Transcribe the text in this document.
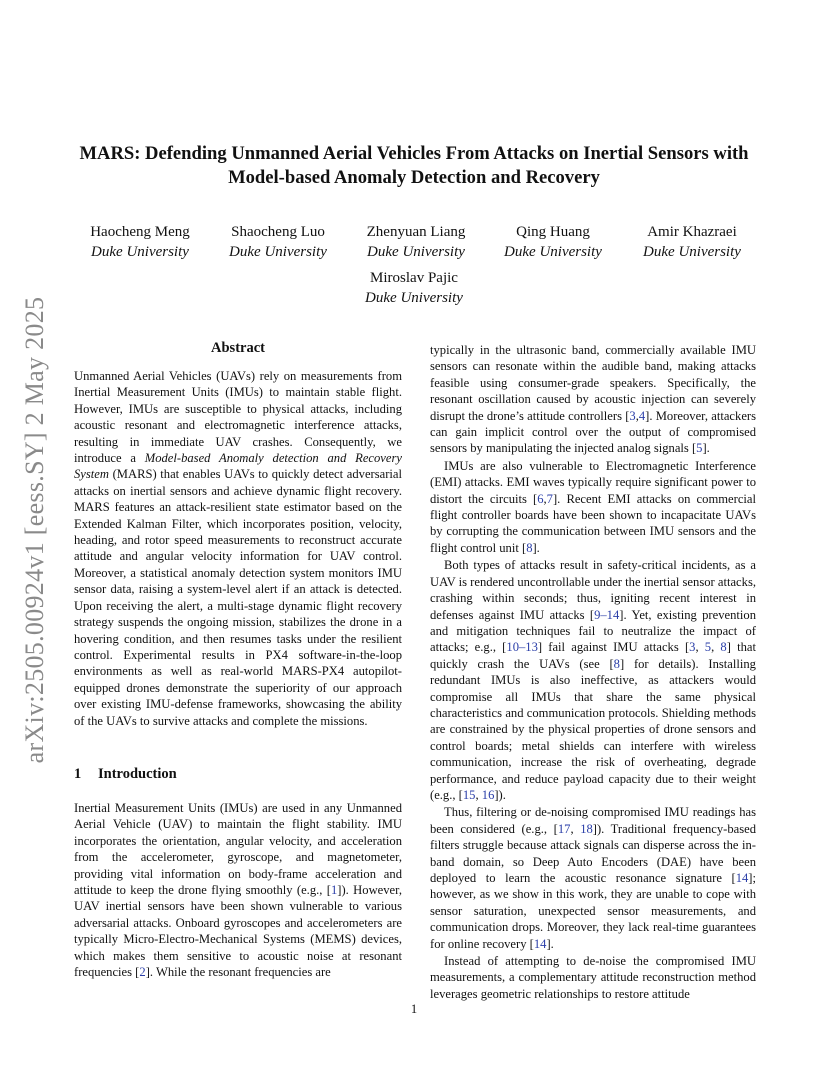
arXiv:2505.00924v1 [eess.SY] 2 May 2025
MARS: Defending Unmanned Aerial Vehicles From Attacks on Inertial Sensors with Model-based Anomaly Detection and Recovery
Haocheng Meng
Duke University
Shaocheng Luo
Duke University
Zhenyuan Liang
Duke University
Qing Huang
Duke University
Amir Khazraei
Duke University
Miroslav Pajic
Duke University
Abstract

Unmanned Aerial Vehicles (UAVs) rely on measurements from Inertial Measurement Units (IMUs) to maintain stable flight. However, IMUs are susceptible to physical attacks, including acoustic resonant and electromagnetic interference attacks, resulting in immediate UAV crashes. Consequently, we introduce a Model-based Anomaly detection and Recovery System (MARS) that enables UAVs to quickly detect adversarial attacks on inertial sensors and achieve dynamic flight recovery. MARS features an attack-resilient state estimator based on the Extended Kalman Filter, which incorporates position, velocity, heading, and rotor speed measurements to reconstruct accurate attitude and angular velocity information for UAV control. Moreover, a statistical anomaly detection system monitors IMU sensor data, raising a system-level alert if an attack is detected. Upon receiving the alert, a multi-stage dynamic flight recovery strategy suspends the ongoing mission, stabilizes the drone in a hovering condition, and then resumes tasks under the resilient control. Experimental results in PX4 software-in-the-loop environments as well as real-world MARS-PX4 autopilot-equipped drones demonstrate the superiority of our approach over existing IMU-defense frameworks, showcasing the ability of the UAVs to survive attacks and complete the missions.

1 Introduction

Inertial Measurement Units (IMUs) are used in any Unmanned Aerial Vehicle (UAV) to maintain the flight stability. IMU incorporates the orientation, angular velocity, and acceleration from the accelerometer, gyroscope, and magnetometer, providing vital information on body-frame acceleration and attitude to keep the drone flying smoothly (e.g., [1]). However, UAV inertial sensors have been shown vulnerable to various adversarial attacks. Onboard gyroscopes and accelerometers are typically Micro-Electro-Mechanical Systems (MEMS) devices, which makes them sensitive to acoustic noise at resonant frequencies [2]. While the resonant frequencies are

typically in the ultrasonic band, commercially available IMU sensors can resonate within the audible band, making attacks feasible using consumer-grade speakers. Specifically, the resonant oscillation caused by acoustic injection can severely disrupt the drone’s attitude controllers [3,4]. Moreover, attackers can gain implicit control over the output of compromised sensors by manipulating the injected analog signals [5].

IMUs are also vulnerable to Electromagnetic Interference (EMI) attacks. EMI waves typically require significant power to distort the circuits [6,7]. Recent EMI attacks on commercial flight controller boards have been shown to incapacitate UAVs by corrupting the communication between IMU sensors and the flight control unit [8].

Both types of attacks result in safety-critical incidents, as a UAV is rendered uncontrollable under the inertial sensor attacks, crashing within seconds; thus, igniting recent interest in defenses against IMU attacks [9–14]. Yet, existing prevention and mitigation techniques fail to neutralize the impact of attacks; e.g., [10–13] fail against IMU attacks [3, 5, 8] that quickly crash the UAVs (see [8] for details). Installing redundant IMUs is also ineffective, as attackers would compromise all IMUs that share the same physical characteristics and communication protocols. Shielding methods are constrained by the physical properties of drone sensors and control boards; metal shields can interfere with wireless communication, increase the risk of overheating, degrade performance, and reduce payload capacity due to their weight (e.g., [15, 16]).

Thus, filtering or de-noising compromised IMU readings has been considered (e.g., [17, 18]). Traditional frequency-based filters struggle because attack signals can disperse across the in-band domain, so Deep Auto Encoders (DAE) have been deployed to learn the acoustic resonance signature [14]; however, as we show in this work, they are unable to cope with sensor saturation, unexpected sensor measurements, and communication drops. Moreover, they lack real-time guarantees for online recovery [14].

Instead of attempting to de-noise the compromised IMU measurements, a complementary attitude reconstruction method leverages geometric relationships to restore attitude

1
